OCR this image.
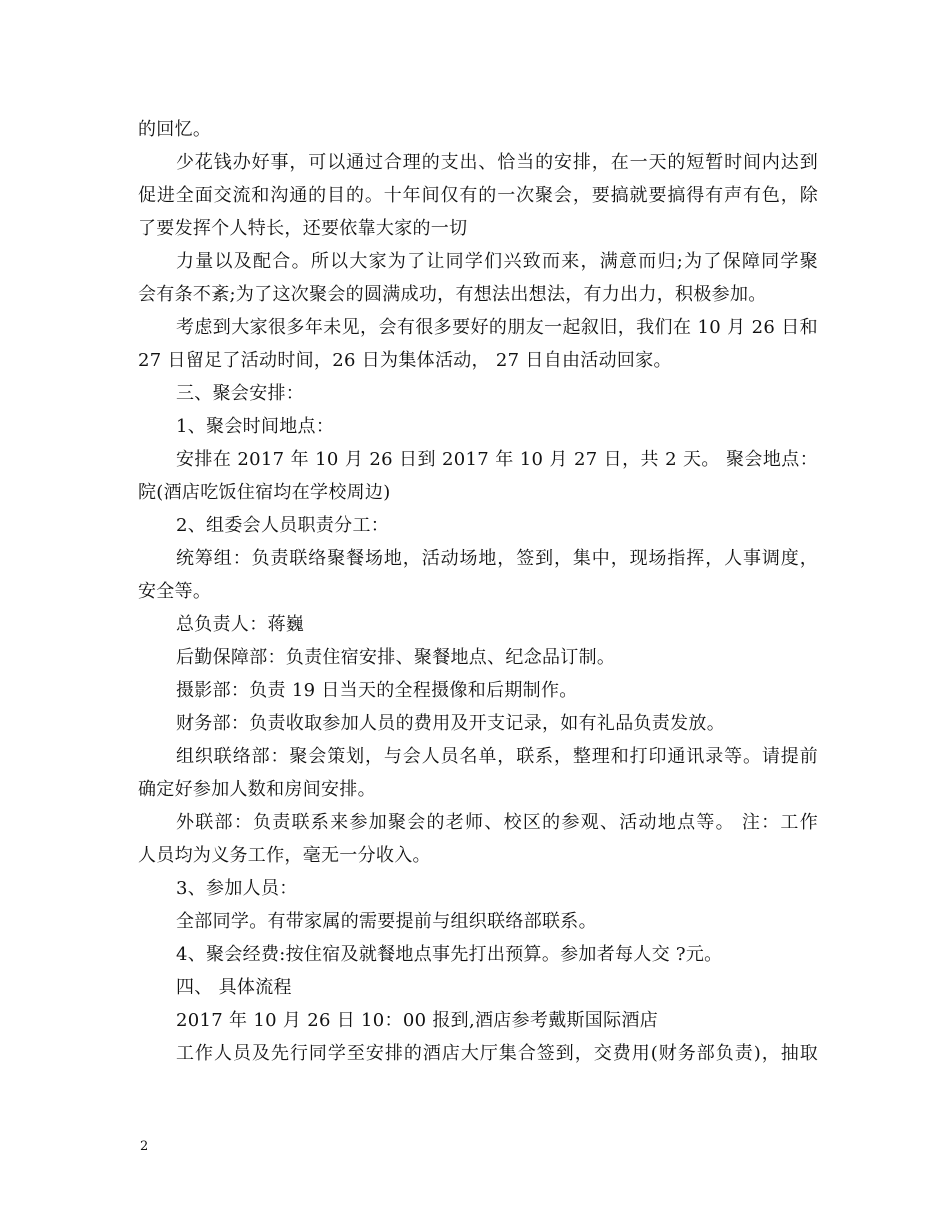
的回忆。
少花钱办好事，可以通过合理的支出、恰当的安排，在一天的短暂时间内达到
促进全面交流和沟通的目的。十年间仅有的一次聚会，要搞就要搞得有声有色，除
了要发挥个人特长，还要依靠大家的一切
力量以及配合。所以大家为了让同学们兴致而来，满意而归;为了保障同学聚
会有条不紊;为了这次聚会的圆满成功，有想法出想法，有力出力，积极参加。
考虑到大家很多年未见，会有很多要好的朋友一起叙旧，我们在 10 月 26 日和
27 日留足了活动时间，26 日为集体活动， 27 日自由活动回家。
三、聚会安排：
1、聚会时间地点：
安排在 2017 年 10 月 26 日到 2017 年 10 月 27 日，共 2 天。 聚会地点：
院(酒店吃饭住宿均在学校周边)
2、组委会人员职责分工：
统筹组：负责联络聚餐场地，活动场地，签到，集中，现场指挥，人事调度，
安全等。
总负责人：蒋巍
后勤保障部：负责住宿安排、聚餐地点、纪念品订制。
摄影部：负责 19 日当天的全程摄像和后期制作。
财务部：负责收取参加人员的费用及开支记录，如有礼品负责发放。
组织联络部：聚会策划，与会人员名单，联系，整理和打印通讯录等。请提前
确定好参加人数和房间安排。
外联部：负责联系来参加聚会的老师、校区的参观、活动地点等。 注：工作
人员均为义务工作，毫无一分收入。
3、参加人员：
全部同学。有带家属的需要提前与组织联络部联系。
4、聚会经费:按住宿及就餐地点事先打出预算。参加者每人交 ?元。
四、 具体流程
2017 年 10 月 26 日 10：00 报到,酒店参考戴斯国际酒店
工作人员及先行同学至安排的酒店大厅集合签到，交费用(财务部负责)，抽取
2
